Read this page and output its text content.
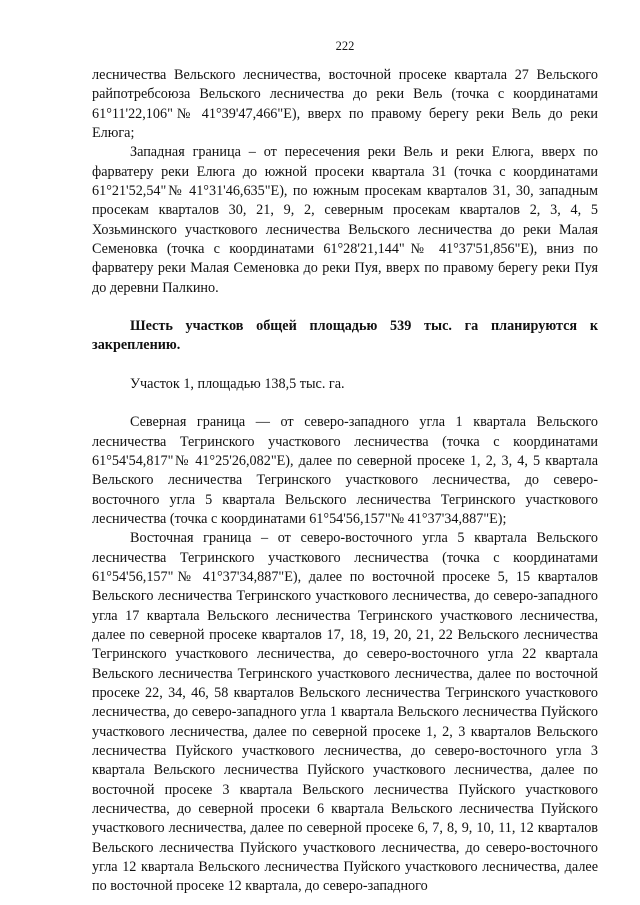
222

лесничества Вельского лесничества, восточной просеке квартала 27 Вельского райпотребсоюза Вельского лесничества до реки Вель (точка с координатами 61°11'22,106"№ 41°39'47,466"E), вверх по правому берегу реки Вель до реки Елюга;

Западная граница – от пересечения реки Вель и реки Елюга, вверх по фарватеру реки Елюга до южной просеки квартала 31 (точка с координатами 61°21'52,54"№ 41°31'46,635"E), по южным просекам кварталов 31, 30, западным просекам кварталов 30, 21, 9, 2, северным просекам кварталов 2, 3, 4, 5 Хозьминского участкового лесничества Вельского лесничества до реки Малая Семеновка (точка с координатами 61°28'21,144"№ 41°37'51,856"E), вниз по фарватеру реки Малая Семеновка до реки Пуя, вверх по правому берегу реки Пуя до деревни Палкино.

Шесть участков общей площадью 539 тыс. га планируются к закреплению.

Участок 1, площадью 138,5 тыс. га.

Северная граница — от северо-западного угла 1 квартала Вельского лесничества Тегринского участкового лесничества (точка с координатами 61°54'54,817"№ 41°25'26,082"E), далее по северной просеке 1, 2, 3, 4, 5 квартала Вельского лесничества Тегринского участкового лесничества, до северо-восточного угла 5 квартала Вельского лесничества Тегринского участкового лесничества (точка с координатами 61°54'56,157"№ 41°37'34,887"E);

Восточная граница – от северо-восточного угла 5 квартала Вельского лесничества Тегринского участкового лесничества (точка с координатами 61°54'56,157"№ 41°37'34,887"E), далее по восточной просеке 5, 15 кварталов Вельского лесничества Тегринского участкового лесничества, до северо-западного угла 17 квартала Вельского лесничества Тегринского участкового лесничества, далее по северной просеке кварталов 17, 18, 19, 20, 21, 22 Вельского лесничества Тегринского участкового лесничества, до северо-восточного угла 22 квартала Вельского лесничества Тегринского участкового лесничества, далее по восточной просеке 22, 34, 46, 58 кварталов Вельского лесничества Тегринского участкового лесничества, до северо-западного угла 1 квартала Вельского лесничества Пуйского участкового лесничества, далее по северной просеке 1, 2, 3 кварталов Вельского лесничества Пуйского участкового лесничества, до северо-восточного угла 3 квартала Вельского лесничества Пуйского участкового лесничества, далее по восточной просеке 3 квартала Вельского лесничества Пуйского участкового лесничества, до северной просеки 6 квартала Вельского лесничества Пуйского участкового лесничества, далее по северной просеке 6, 7, 8, 9, 10, 11, 12 кварталов Вельского лесничества Пуйского участкового лесничества, до северо-восточного угла 12 квартала Вельского лесничества Пуйского участкового лесничества, далее по восточной просеке 12 квартала, до северо-западного
